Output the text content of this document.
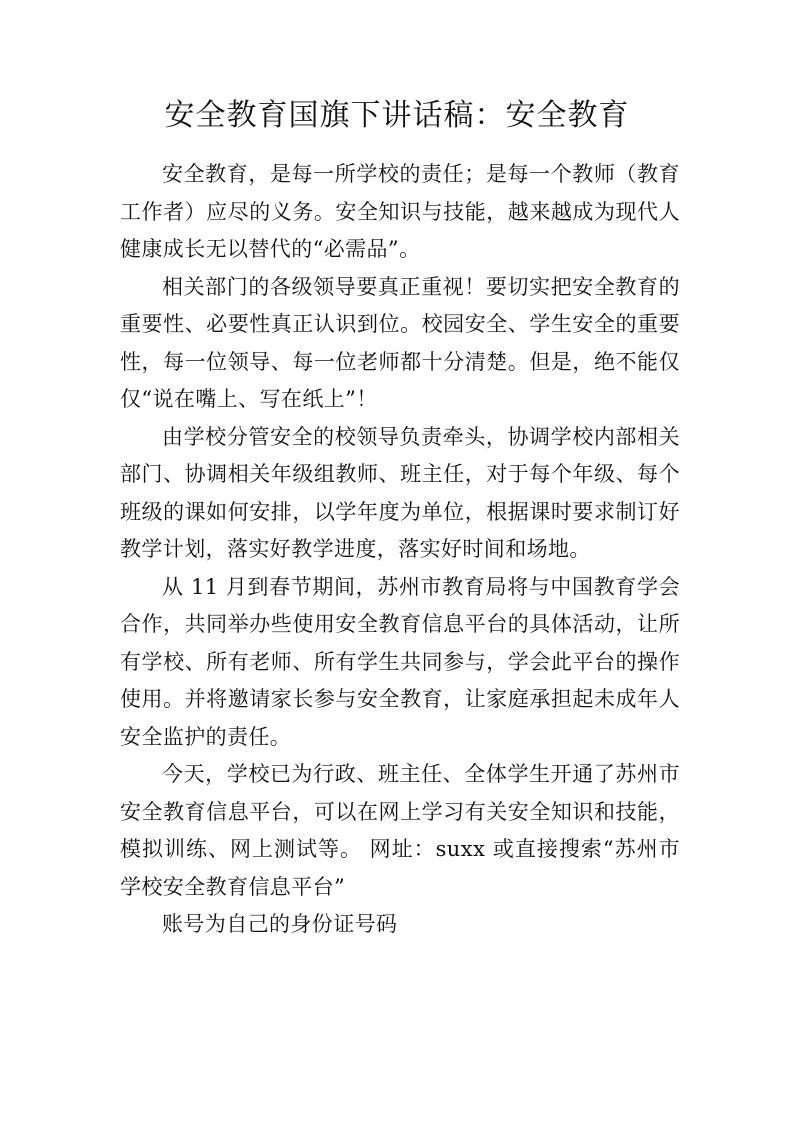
安全教育国旗下讲话稿：安全教育

安全教育，是每一所学校的责任；是每一个教师（教育工作者）应尽的义务。安全知识与技能，越来越成为现代人健康成长无以替代的“必需品”。

相关部门的各级领导要真正重视！要切实把安全教育的重要性、必要性真正认识到位。校园安全、学生安全的重要性，每一位领导、每一位老师都十分清楚。但是，绝不能仅仅“说在嘴上、写在纸上”！

由学校分管安全的校领导负责牵头，协调学校内部相关部门、协调相关年级组教师、班主任，对于每个年级、每个班级的课如何安排，以学年度为单位，根据课时要求制订好教学计划，落实好教学进度，落实好时间和场地。

从 11 月到春节期间，苏州市教育局将与中国教育学会合作，共同举办些使用安全教育信息平台的具体活动，让所有学校、所有老师、所有学生共同参与，学会此平台的操作使用。并将邀请家长参与安全教育，让家庭承担起未成年人安全监护的责任。

今天，学校已为行政、班主任、全体学生开通了苏州市安全教育信息平台，可以在网上学习有关安全知识和技能，模拟训练、网上测试等。 网址：suxx 或直接搜索“苏州市学校安全教育信息平台”

账号为自己的身份证号码
